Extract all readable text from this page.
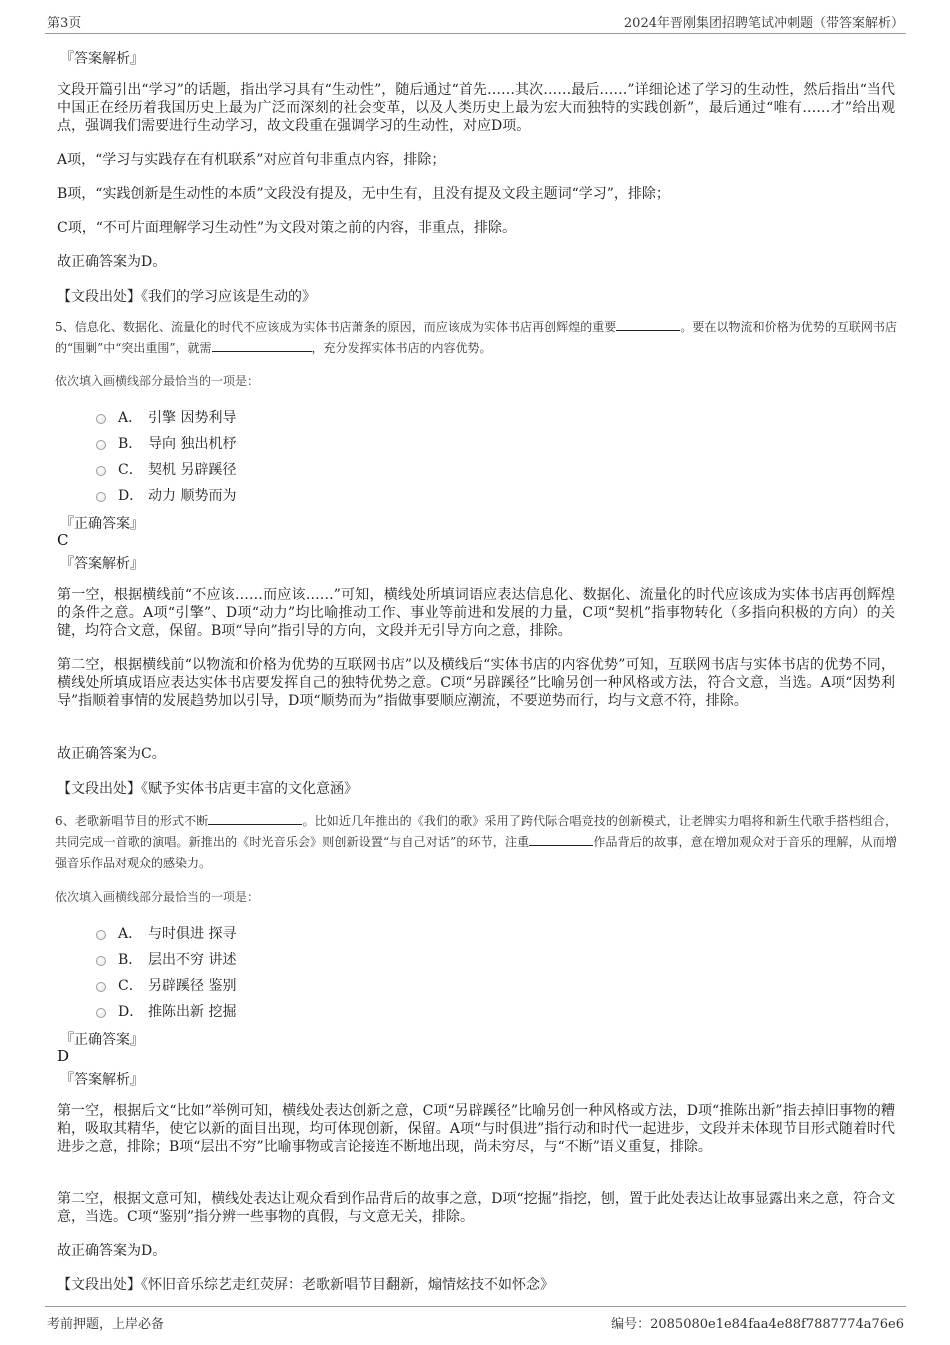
第3页	2024年晋刚集团招聘笔试冲刺题（带答案解析）
『答案解析』
文段开篇引出“学习”的话题，指出学习具有“生动性”，随后通过“首先……其次……最后……”详细论述了学习的生动性，然后指出“当代中国正在经历着我国历史上最为广泛而深刻的社会变革，以及人类历史上最为宏大而独特的实践创新”，最后通过“唯有……才”给出观点，强调我们需要进行生动学习，故文段重在强调学习的生动性，对应D项。
A项，“学习与实践存在有机联系”对应首句非重点内容，排除；
B项，“实践创新是生动性的本质”文段没有提及，无中生有，且没有提及文段主题词“学习”，排除；
C项，“不可片面理解学习生动性”为文段对策之前的内容，非重点，排除。
故正确答案为D。
【文段出处】《我们的学习应该是生动的》
5、信息化、数据化、流量化的时代不应该成为实体书店萧条的原因，而应该成为实体书店再创辉煌的重要	。要在以物流和价格为优势的互联网书店的“围剿”中“突出重围”，就需	，充分发挥实体书店的内容优势。
依次填入画横线部分最恰当的一项是：
A． 引擎 因势利导
B． 导向 独出机杼
C． 契机 另辟蹊径
D． 动力 顺势而为
『正确答案』
C
『答案解析』
第一空，根据横线前“不应该……而应该……”可知，横线处所填词语应表达信息化、数据化、流量化的时代应该成为实体书店再创辉煌的条件之意。A项“引擎”、D项“动力”均比喻推动工作、事业等前进和发展的力量，C项“契机”指事物转化（多指向积极的方向）的关键，均符合文意，保留。B项“导向”指引导的方向，文段并无引导方向之意，排除。
第二空，根据横线前“以物流和价格为优势的互联网书店”以及横线后“实体书店的内容优势”可知，互联网书店与实体书店的优势不同，横线处所填成语应表达实体书店要发挥自己的独特优势之意。C项“另辟蹊径”比喻另创一种风格或方法，符合文意，当选。A项“因势利导”指顺着事情的发展趋势加以引导，D项“顺势而为”指做事要顺应潮流，不要逆势而行，均与文意不符，排除。
故正确答案为C。
【文段出处】《赋予实体书店更丰富的文化意涵》
6、老歌新唱节目的形式不断	。比如近几年推出的《我们的歌》采用了跨代际合唱竞技的创新模式，让老牌实力唱将和新生代歌手搭档组合，共同完成一首歌的演唱。新推出的《时光音乐会》则创新设置“与自己对话”的环节，注重	作品背后的故事，意在增加观众对于音乐的理解，从而增强音乐作品对观众的感染力。
依次填入画横线部分最恰当的一项是：
A． 与时俱进 探寻
B． 层出不穷 讲述
C． 另辟蹊径 鉴别
D． 推陈出新 挖掘
『正确答案』
D
『答案解析』
第一空，根据后文“比如”举例可知，横线处表达创新之意，C项“另辟蹊径”比喻另创一种风格或方法，D项“推陈出新”指去掉旧事物的糟粕，吸取其精华，使它以新的面目出现，均可体现创新，保留。A项“与时俱进”指行动和时代一起进步，文段并未体现节目形式随着时代进步之意，排除；B项“层出不穷”比喻事物或言论接连不断地出现，尚未穷尽，与“不断”语义重复，排除。
第二空，根据文意可知，横线处表达让观众看到作品背后的故事之意，D项“挖掘”指挖，刨，置于此处表达让故事显露出来之意，符合文意，当选。C项“鉴别”指分辨一些事物的真假，与文意无关，排除。
故正确答案为D。
【文段出处】《怀旧音乐综艺走红荧屏：老歌新唱节目翻新，煽情炫技不如怀念》
考前押题，上岸必备	编号：2085080e1e84faa4e88f7887774a76e6
